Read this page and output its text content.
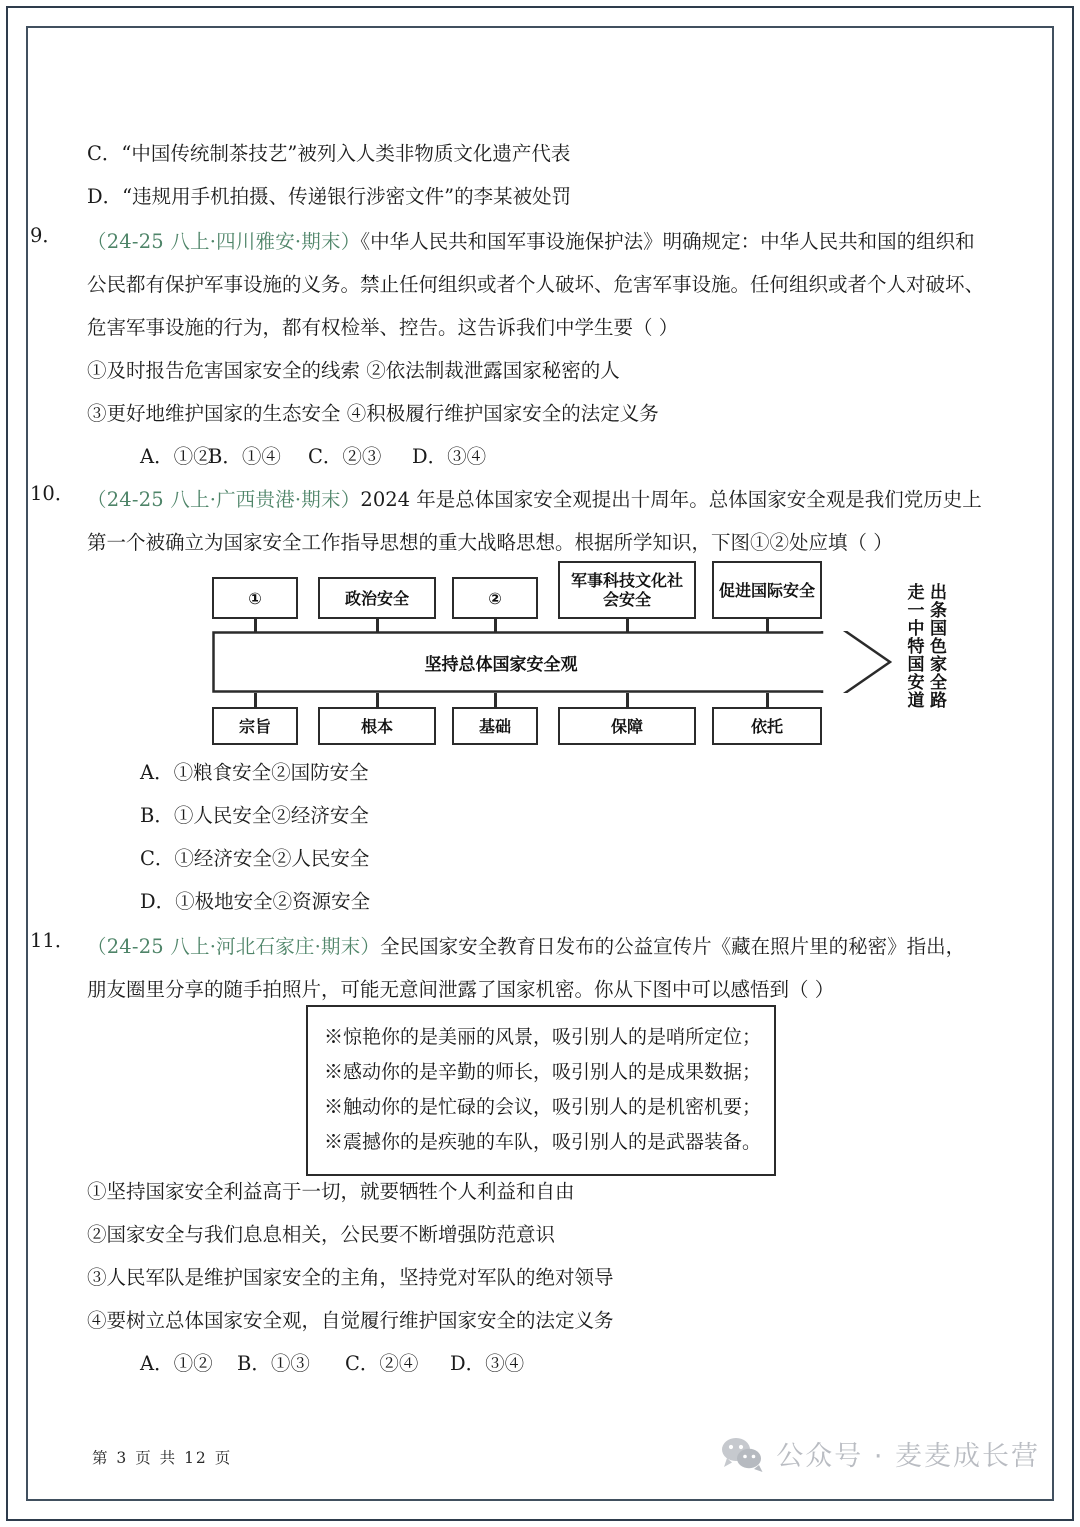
C．“中国传统制茶技艺”被列入人类非物质文化遗产代表
D．“违规用手机拍摄、传递银行涉密文件”的李某被处罚
9．	（24-25 八上·四川雅安·期末）《中华人民共和国军事设施保护法》明确规定：中华人民共和国的组织和
公民都有保护军事设施的义务。禁止任何组织或者个人破坏、危害军事设施。任何组织或者个人对破坏、
危害军事设施的行为，都有权检举、控告。这告诉我们中学生要（ ）
①及时报告危害国家安全的线索 ②依法制裁泄露国家秘密的人
③更好地维护国家的生态安全 ④积极履行维护国家安全的法定义务
A．①②B．①④ C．②③ D．③④
10． （24-25 八上·广西贵港·期末）2024 年是总体国家安全观提出十周年。总体国家安全观是我们党历史上
第一个被确立为国家安全工作指导思想的重大战略思想。根据所学知识，下图①②处应填（ ）
①	政治安全	②
军事科技文化社会安全	促进国际安全
坚持总体国家安全观
宗旨	根本	基础	保障	依托
出条国色家全路
走一中特国安道
A．①粮食安全②国防安全
B．①人民安全②经济安全
C．①经济安全②人民安全
D．①极地安全②资源安全
11． （24-25 八上·河北石家庄·期末）全民国家安全教育日发布的公益宣传片《藏在照片里的秘密》指出，
朋友圈里分享的随手拍照片，可能无意间泄露了国家机密。你从下图中可以感悟到（ ）
※惊艳你的是美丽的风景，吸引别人的是哨所定位；
※感动你的是辛勤的师长，吸引别人的是成果数据；
※触动你的是忙碌的会议，吸引别人的是机密机要；
※震撼你的是疾驰的车队，吸引别人的是武器装备。
①坚持国家安全利益高于一切，就要牺牲个人利益和自由
②国家安全与我们息息相关，公民要不断增强防范意识
③人民军队是维护国家安全的主角，坚持党对军队的绝对领导
④要树立总体国家安全观，自觉履行维护国家安全的法定义务
A．①② B．①③ C．②④ D．③④
第 3 页 共 12 页	公众号 · 麦麦成长营
